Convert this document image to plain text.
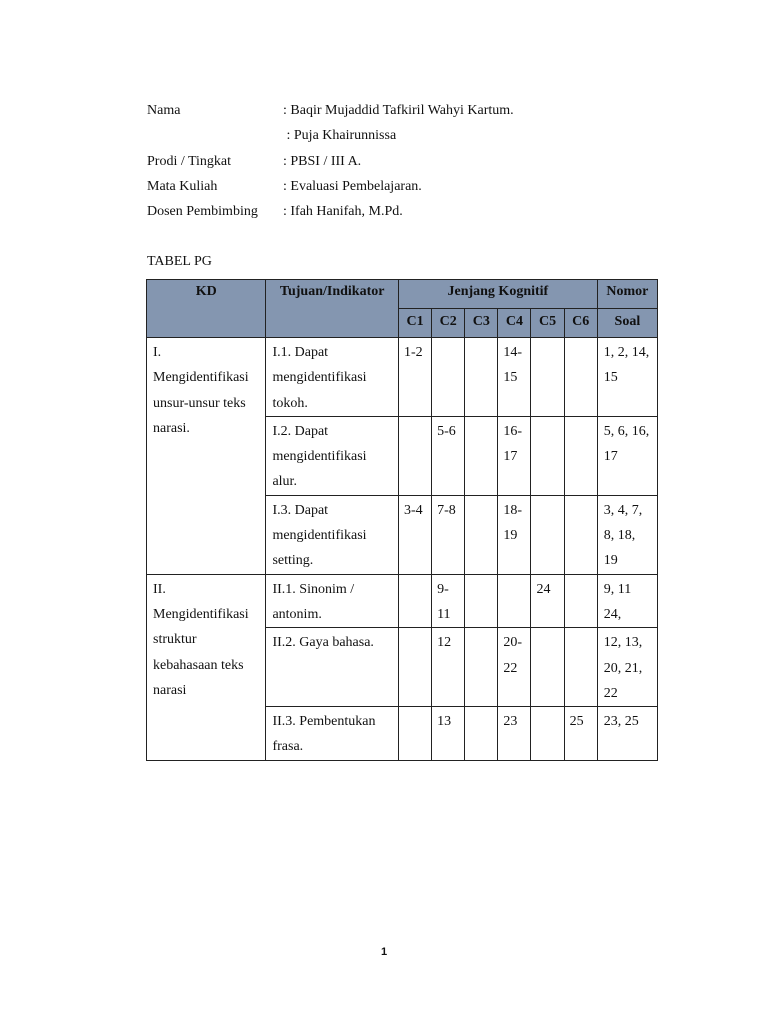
Nama	: Baqir Mujaddid Tafkiril Wahyi Kartum.
: Puja Khairunnissa
Prodi / Tingkat	: PBSI / III A.
Mata Kuliah	: Evaluasi Pembelajaran.
Dosen Pembimbing	: Ifah Hanifah, M.Pd.
TABEL PG
KD	Tujuan/Indikator	Jenjang Kognitif						Nomor
		C1	C2	C3	C4	C5	C6	Soal
I. Mengidentifikasi unsur-unsur teks narasi.	I.1. Dapat mengidentifikasi tokoh.	1-2			14-15			1, 2, 14, 15
	I.2. Dapat mengidentifikasi alur.		5-6		16-17			5, 6, 16, 17
	I.3. Dapat mengidentifikasi setting.	3-4	7-8		18-19			3, 4, 7, 8, 18, 19
II. Mengidentifikasi struktur kebahasaan teks narasi	II.1. Sinonim / antonim.		9-11			24		9, 11 24,
	II.2. Gaya bahasa.		12		20-22			12, 13, 20, 21, 22
	II.3. Pembentukan frasa.		13		23		25	23, 25
1
